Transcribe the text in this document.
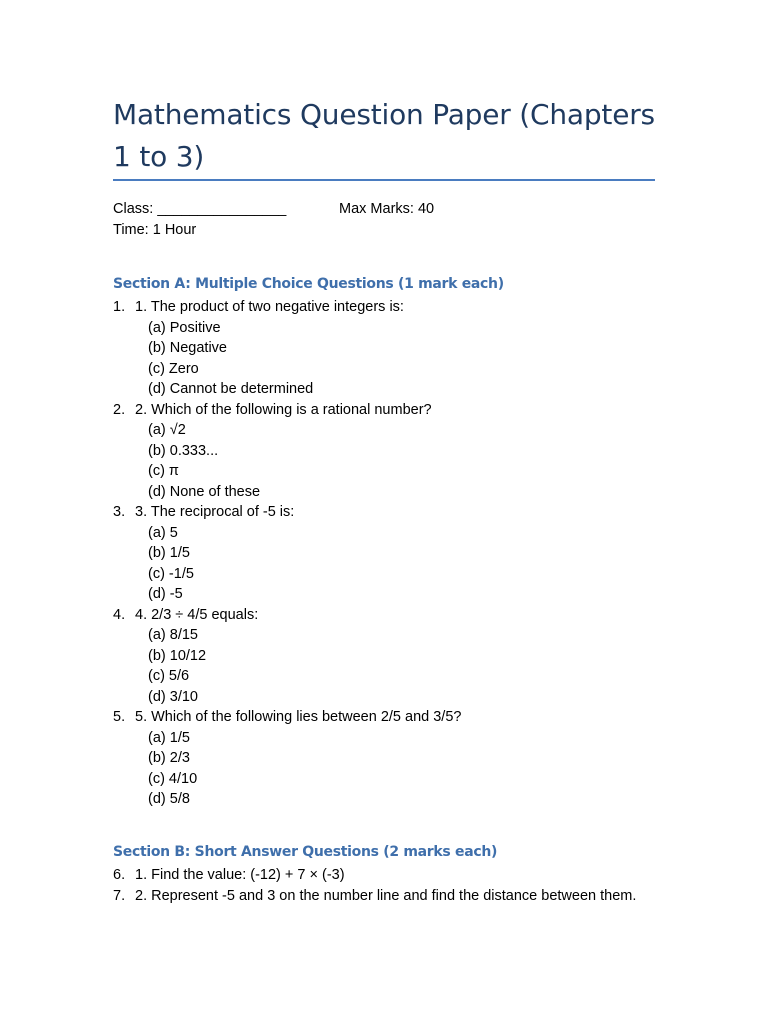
Mathematics Question Paper (Chapters 1 to 3)
Class: ________________	Max Marks: 40
Time: 1 Hour
Section A: Multiple Choice Questions (1 mark each)
1. 1. The product of two negative integers is:
(a) Positive
(b) Negative
(c) Zero
(d) Cannot be determined
2. 2. Which of the following is a rational number?
(a) √2
(b) 0.333...
(c) π
(d) None of these
3. 3. The reciprocal of -5 is:
(a) 5
(b) 1/5
(c) -1/5
(d) -5
4. 4. 2/3 ÷ 4/5 equals:
(a) 8/15
(b) 10/12
(c) 5/6
(d) 3/10
5. 5. Which of the following lies between 2/5 and 3/5?
(a) 1/5
(b) 2/3
(c) 4/10
(d) 5/8
Section B: Short Answer Questions (2 marks each)
6. 1. Find the value: (-12) + 7 × (-3)
7. 2. Represent -5 and 3 on the number line and find the distance between them.
